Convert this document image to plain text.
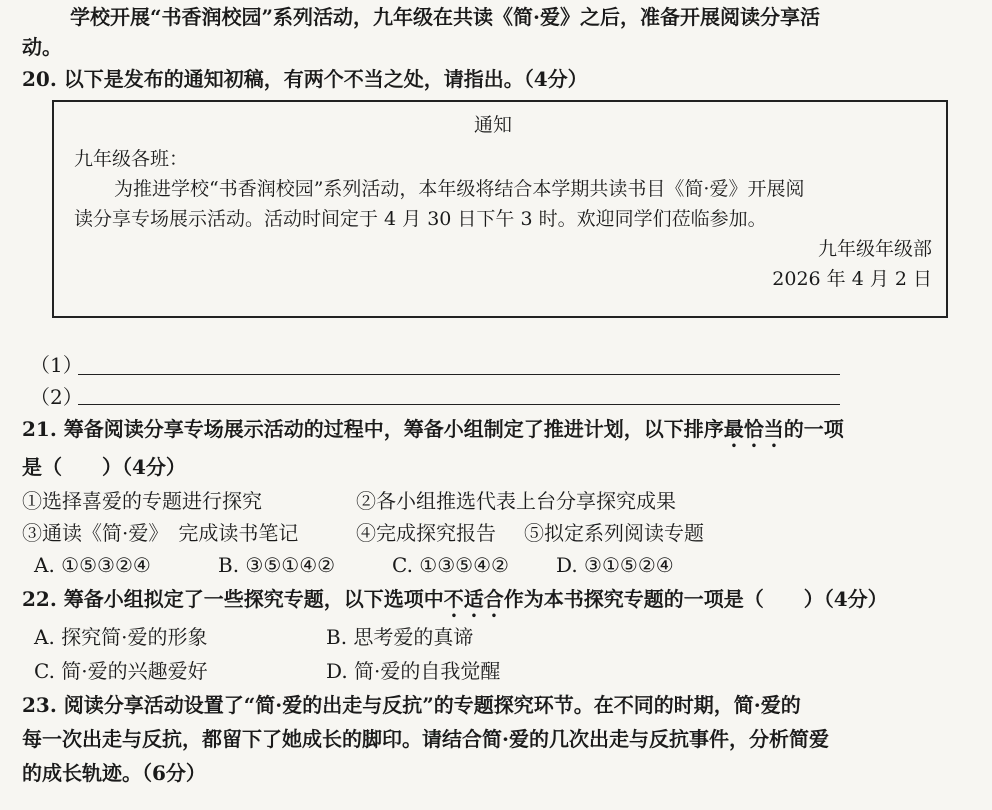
学校开展“书香润校园”系列活动，九年级在共读《简·爱》之后，准备开展阅读分享活
动。
20. 以下是发布的通知初稿，有两个不当之处，请指出。（4分）
通知
九年级各班：
为推进学校“书香润校园”系列活动，本年级将结合本学期共读书目《简·爱》开展阅
读分享专场展示活动。活动时间定于 4 月 30 日下午 3 时。欢迎同学们莅临参加。
九年级年级部
2026 年 4 月 2 日
（1）
（2）
21. 筹备阅读分享专场展示活动的过程中，筹备小组制定了推进计划，以下排序最恰当的一项
是（　　）（4分）
①选择喜爱的专题进行探究	②各小组推选代表上台分享探究成果
③通读《简·爱》　完成读书笔记	④完成探究报告 ⑤拟定系列阅读专题
A. ①⑤③②④	B. ③⑤①④②	C. ①③⑤④② D. ③①⑤②④
22. 筹备小组拟定了一些探究专题，以下选项中不适合作为本书探究专题的一项是（　　）（4分）
A. 探究简·爱的形象	B. 思考爱的真谛
C. 简·爱的兴趣爱好	D. 简·爱的自我觉醒
23. 阅读分享活动设置了“简·爱的出走与反抗”的专题探究环节。在不同的时期，简·爱的
每一次出走与反抗，都留下了她成长的脚印。请结合简·爱的几次出走与反抗事件，分析简爱
的成长轨迹。（6分）
